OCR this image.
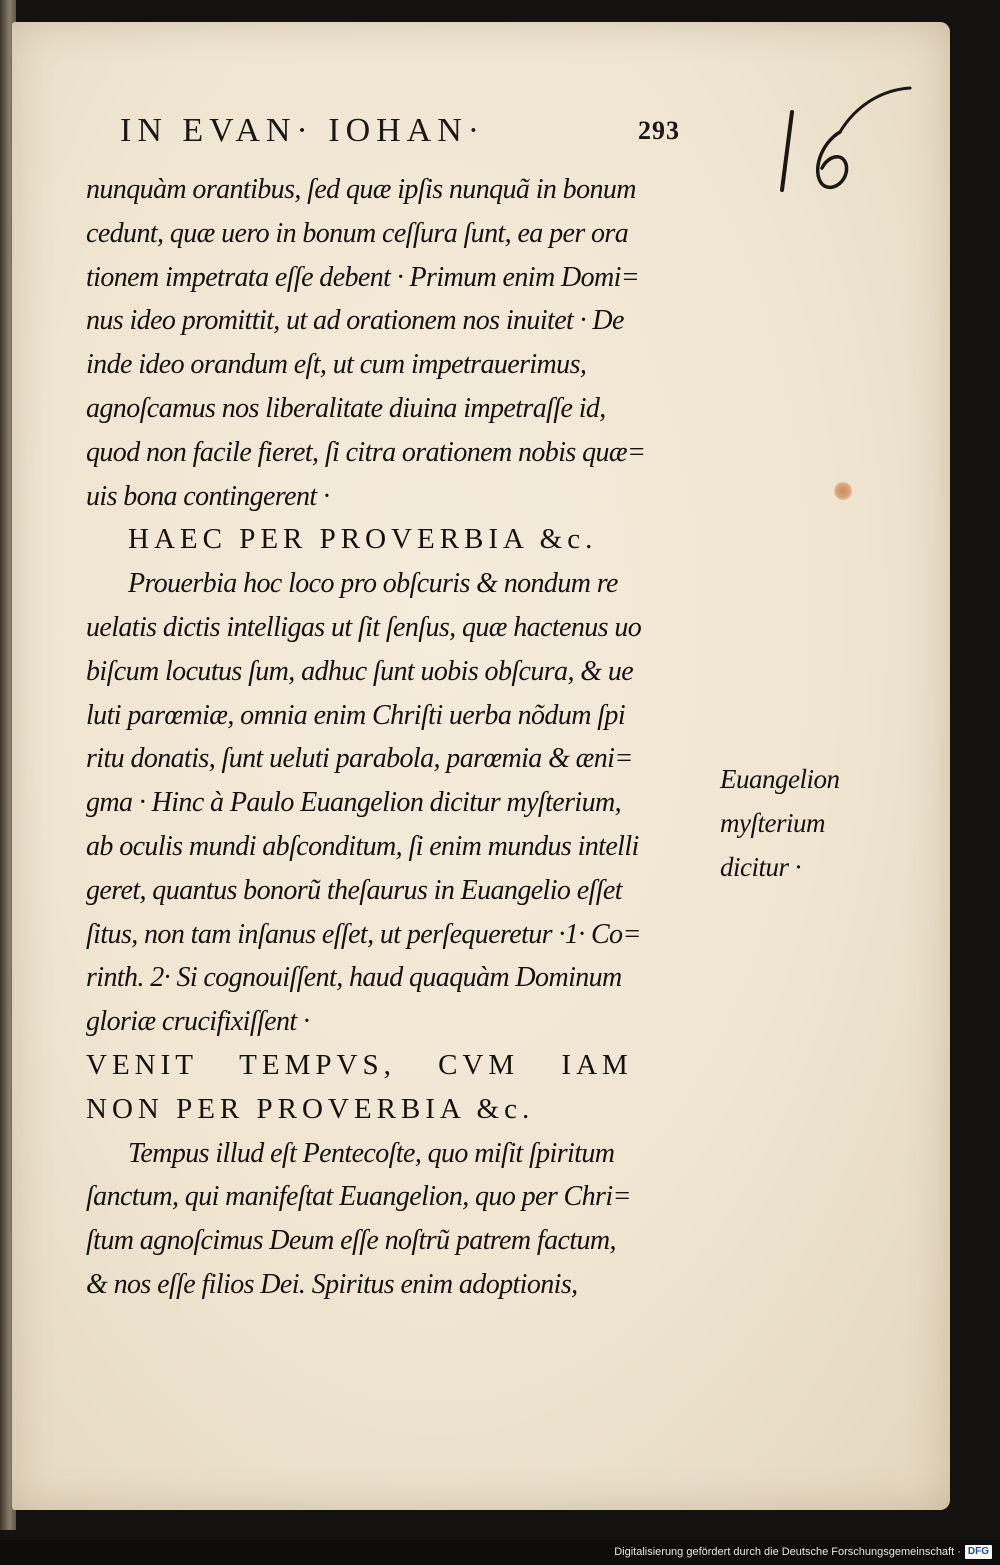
IN EVAN· IOHAN·	293
nunquàm orantibus, ſed quæ ipſis nunquã in bonum
cedunt, quæ uero in bonum ceſſura ſunt, ea per ora
tionem impetrata eſſe debent · Primum enim Domi=
nus ideo promittit, ut ad orationem nos inuitet · De
inde ideo orandum eſt, ut cum impetrauerimus,
agnoſcamus nos liberalitate diuina impetraſſe id,
quod non facile fieret, ſi citra orationem nobis quæ=
uis bona contingerent ·
HAEC PER PROVERBIA &c.
Prouerbia hoc loco pro obſcuris & nondum re
uelatis dictis intelligas ut ſit ſenſus, quæ hactenus uo
biſcum locutus ſum, adhuc ſunt uobis obſcura, & ue
luti parœmiæ, omnia enim Chriſti uerba nõdum ſpi
ritu donatis, ſunt ueluti parabola, parœmia & æni=
gma · Hinc à Paulo Euangelion dicitur myſterium,
ab oculis mundi abſconditum, ſi enim mundus intelli
geret, quantus bonorũ theſaurus in Euangelio eſſet
ſitus, non tam inſanus eſſet, ut perſequeretur ·1· Co=
rinth. 2· Si cognouiſſent, haud quaquàm Dominum
gloriæ crucifixiſſent ·
VENIT TEMPVS, CVM IAM
NON PER PROVERBIA &c.
Tempus illud eſt Pentecoſte, quo miſit ſpiritum
ſanctum, qui manifeſtat Euangelion, quo per Chri=
ſtum agnoſcimus Deum eſſe noſtrũ patrem factum,
& nos eſſe filios Dei. Spiritus enim adoptionis,
Euangelion
myſterium
dicitur ·
Digitalisierung gefördert durch die Deutsche Forschungsgemeinschaft · DFG
